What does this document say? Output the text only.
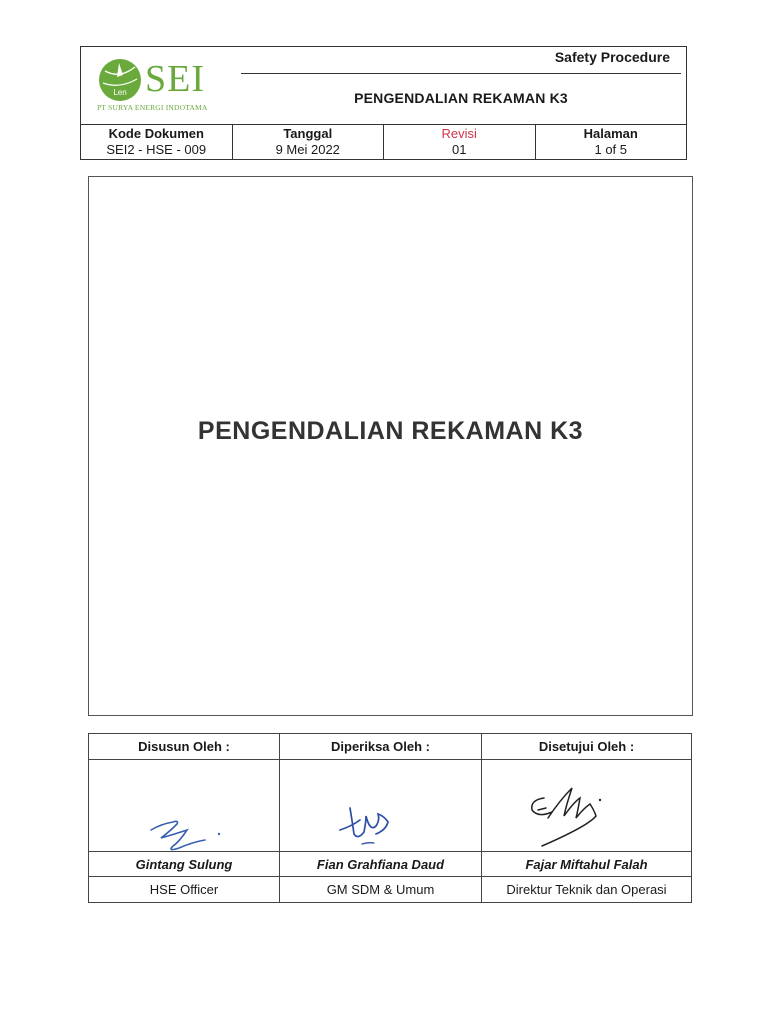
Len SEI
PT SURYA ENERGI INDOTAMA
Safety Procedure
PENGENDALIAN REKAMAN K3
Kode Dokumen
SEI2 - HSE - 009
Tanggal
9 Mei 2022
Revisi
01
Halaman
1 of 5
PENGENDALIAN REKAMAN K3
Disusun Oleh :
Gintang Sulung
HSE Officer
Diperiksa Oleh :
Fian Grahfiana Daud
GM SDM & Umum
Disetujui Oleh :
Fajar Miftahul Falah
Direktur Teknik dan Operasi
